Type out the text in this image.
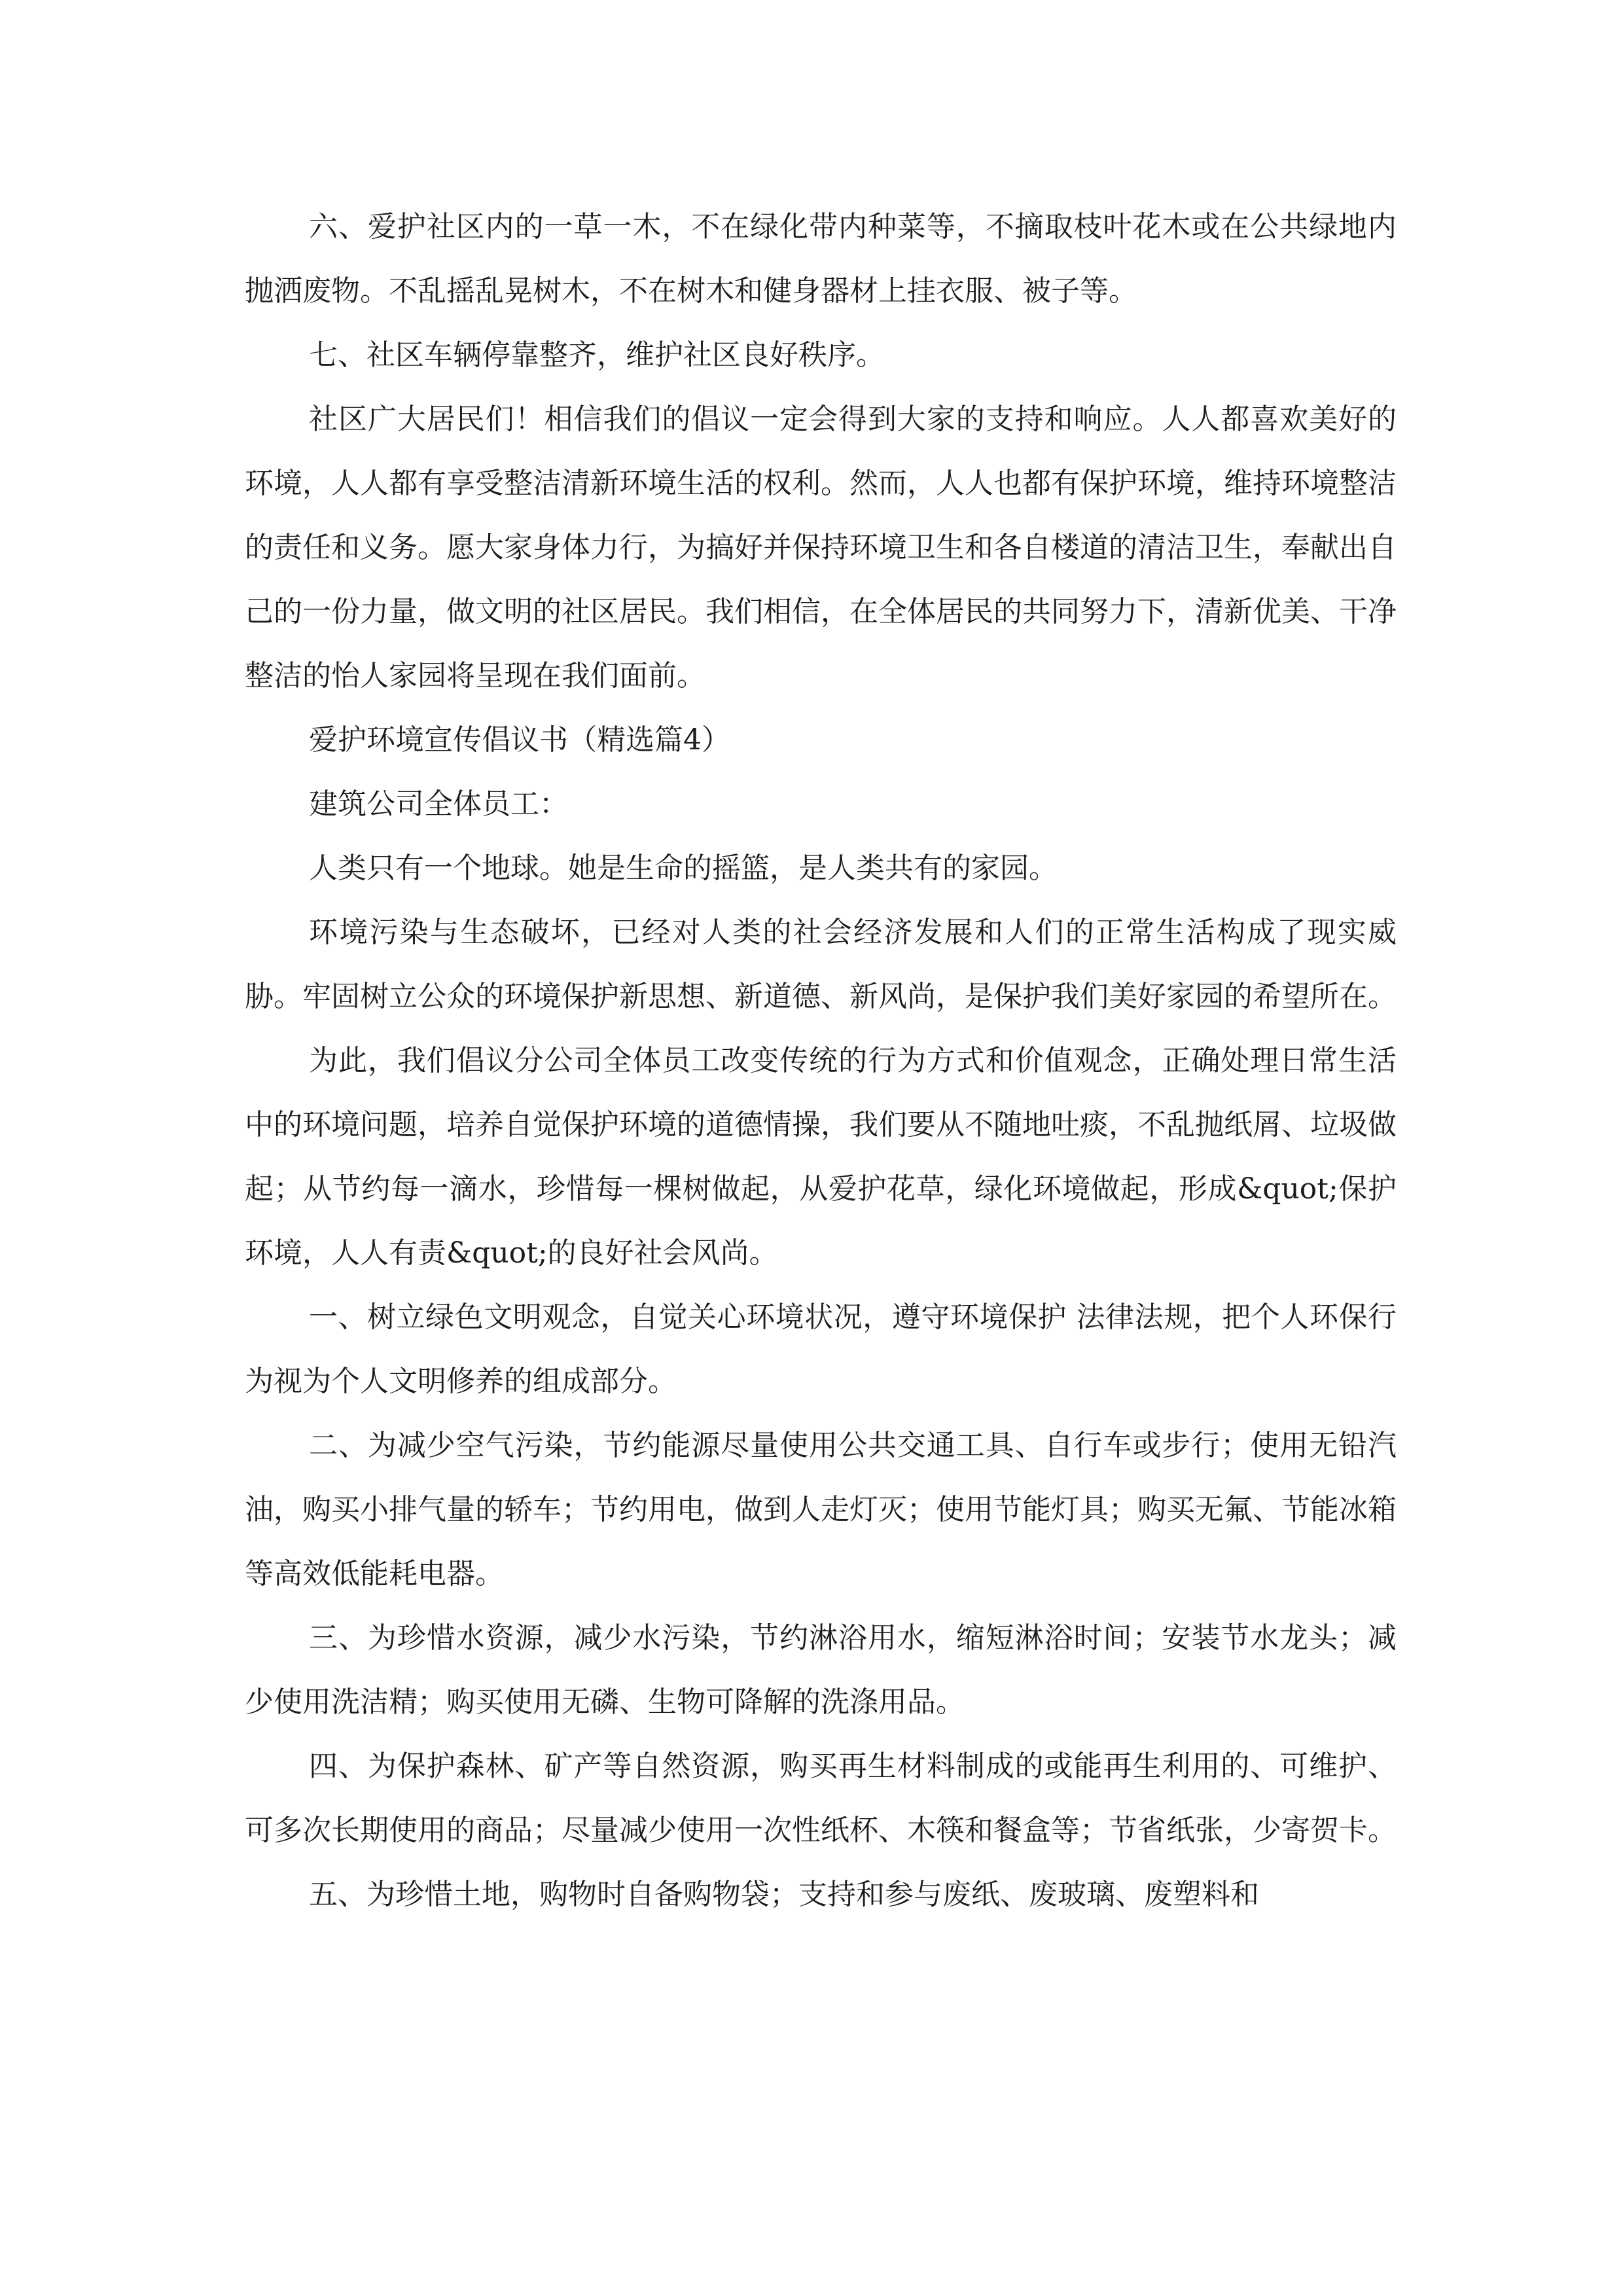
六、爱护社区内的一草一木，不在绿化带内种菜等，不摘取枝叶花木或在公共绿地内抛洒废物。不乱摇乱晃树木，不在树木和健身器材上挂衣服、被子等。

七、社区车辆停靠整齐，维护社区良好秩序。

社区广大居民们！相信我们的倡议一定会得到大家的支持和响应。人人都喜欢美好的环境，人人都有享受整洁清新环境生活的权利。然而，人人也都有保护环境，维持环境整洁的责任和义务。愿大家身体力行，为搞好并保持环境卫生和各自楼道的清洁卫生，奉献出自己的一份力量，做文明的社区居民。我们相信，在全体居民的共同努力下，清新优美、干净整洁的怡人家园将呈现在我们面前。

爱护环境宣传倡议书（精选篇4）

建筑公司全体员工：

人类只有一个地球。她是生命的摇篮，是人类共有的家园。

环境污染与生态破坏，已经对人类的社会经济发展和人们的正常生活构成了现实威胁。牢固树立公众的环境保护新思想、新道德、新风尚，是保护我们美好家园的希望所在。

为此，我们倡议分公司全体员工改变传统的行为方式和价值观念，正确处理日常生活中的环境问题，培养自觉保护环境的道德情操，我们要从不随地吐痰，不乱抛纸屑、垃圾做起；从节约每一滴水，珍惜每一棵树做起，从爱护花草，绿化环境做起，形成&quot;保护环境，人人有责&quot;的良好社会风尚。

一、树立绿色文明观念，自觉关心环境状况，遵守环境保护 法律法规，把个人环保行为视为个人文明修养的组成部分。

二、为减少空气污染，节约能源尽量使用公共交通工具、自行车或步行；使用无铅汽油，购买小排气量的轿车；节约用电，做到人走灯灭；使用节能灯具；购买无氟、节能冰箱等高效低能耗电器。

三、为珍惜水资源，减少水污染，节约淋浴用水，缩短淋浴时间；安装节水龙头；减少使用洗洁精；购买使用无磷、生物可降解的洗涤用品。

四、为保护森林、矿产等自然资源，购买再生材料制成的或能再生利用的、可维护、可多次长期使用的商品；尽量减少使用一次性纸杯、木筷和餐盒等；节省纸张，少寄贺卡。

五、为珍惜土地，购物时自备购物袋；支持和参与废纸、废玻璃、废塑料和
